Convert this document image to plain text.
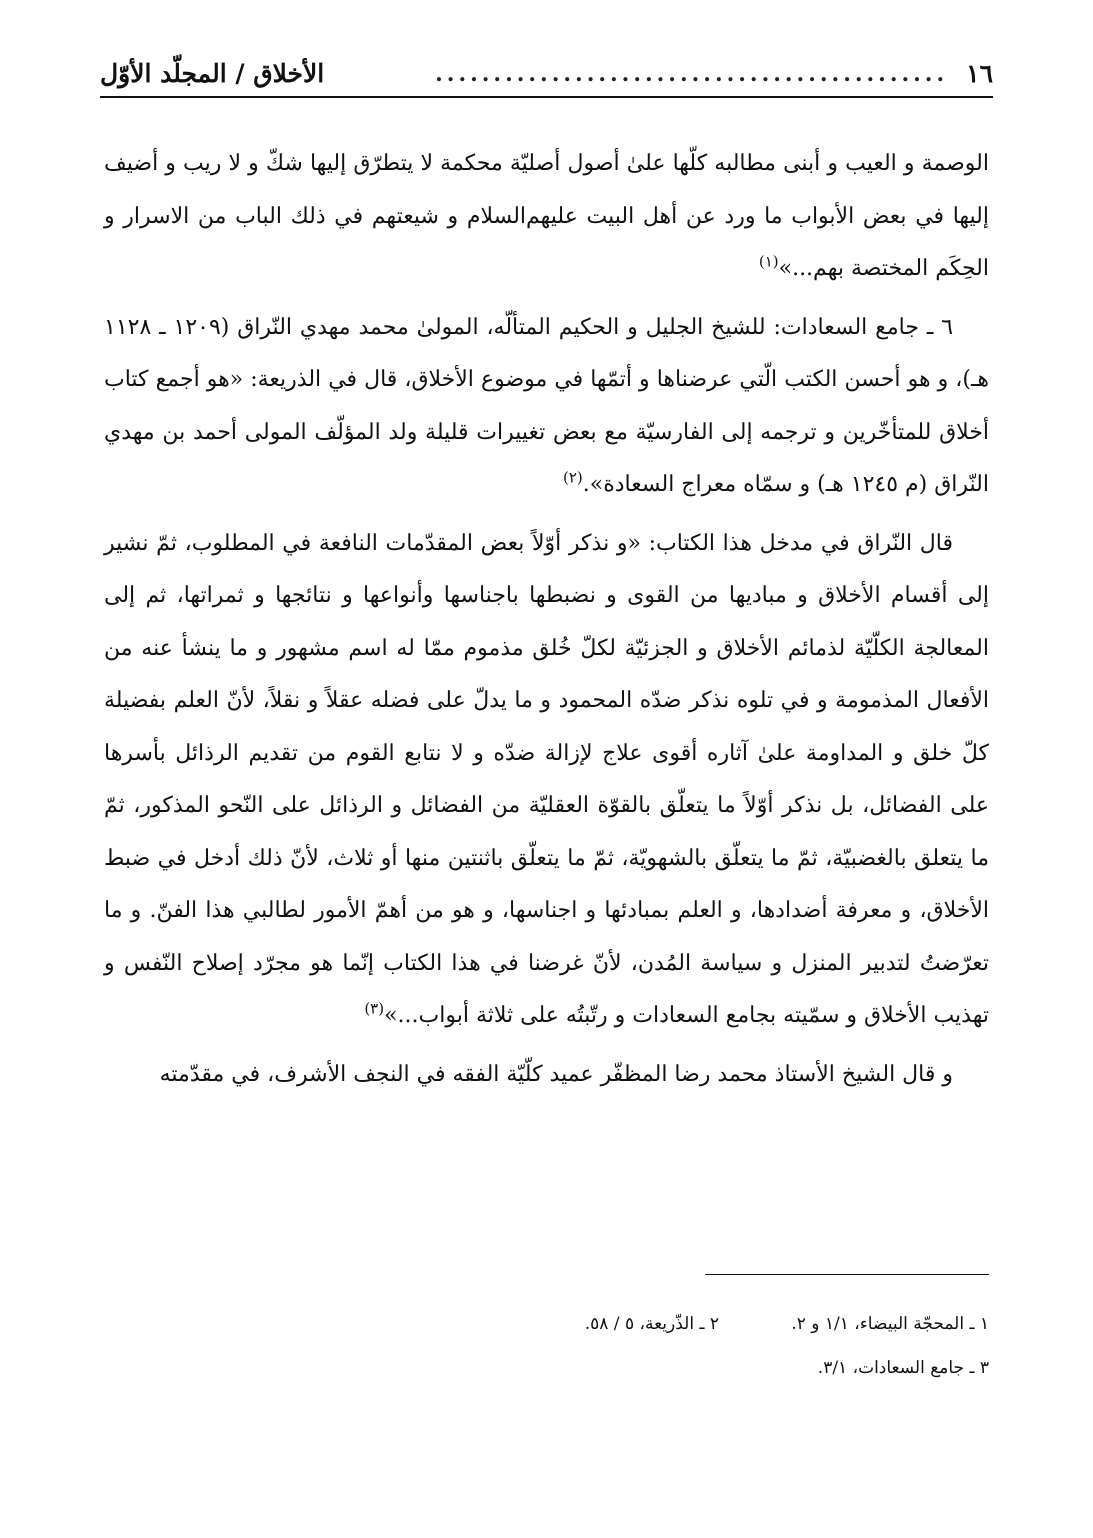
١٦
............................................
الأخلاق / المجلّد الأوّل

الوصمة و العيب و أبنى مطالبه كلّها علىٰ أصول أصليّة محكمة لا يتطرّق إليها شكّ و لا ريب و أضيف إليها في بعض الأبواب ما ورد عن أهل البيت عليهم‌السلام و شيعتهم في ذلك الباب من الاسرار و الحِكَم المختصة بهم...»$^{(١)}$

٦ ـ جامع السعادات: للشيخ الجليل و الحكيم المتألّه، المولىٰ محمد مهدي النّراق (١٢٠٩ ـ ١١٢٨ هـ)، و هو أحسن الكتب الّتي عرضناها و أتمّها في موضوع الأخلاق، قال في الذريعة: «هو أجمع كتاب أخلاق للمتأخّرين و ترجمه إلى الفارسيّة مع بعض تغييرات قليلة ولد المؤلّف المولى أحمد بن مهدي النّراق (م ١٢٤٥ هـ) و سمّاه معراج السعادة».$^{(٢)}$

قال النّراق في مدخل هذا الكتاب: «و نذكر أوّلاً بعض المقدّمات النافعة في المطلوب، ثمّ نشير إلى أقسام الأخلاق و مباديها من القوى و نضبطها باجناسها وأنواعها و نتائجها و ثمراتها، ثم إلى المعالجة الكلّيّة لذمائم الأخلاق و الجزئيّة لكلّ خُلق مذموم ممّا له اسم مشهور و ما ينشأ عنه من الأفعال المذمومة و في تلوه نذكر ضدّه المحمود و ما يدلّ على فضله عقلاً و نقلاً، لأنّ العلم بفضيلة كلّ خلق و المداومة علىٰ آثاره أقوى علاج لإزالة ضدّه و لا نتابع القوم من تقديم الرذائل بأسرها على الفضائل، بل نذكر أوّلاً ما يتعلّق بالقوّة العقليّة من الفضائل و الرذائل على النّحو المذكور، ثمّ ما يتعلق بالغضبيّة، ثمّ ما يتعلّق بالشهويّة، ثمّ ما يتعلّق باثنتين منها أو ثلاث، لأنّ ذلك أدخل في ضبط الأخلاق، و معرفة أضدادها، و العلم بمبادئها و اجناسها، و هو من أهمّ الأمور لطالبي هذا الفنّ. و ما تعرّضتُ لتدبير المنزل و سياسة المُدن، لأنّ غرضنا في هذا الكتاب إنّما هو مجرّد إصلاح النّفس و تهذيب الأخلاق و سمّيته بجامع السعادات و رتّبتُه على ثلاثة أبواب...»$^{(٣)}$

و قال الشيخ الأستاذ محمد رضا المظفّر عميد كلّيّة الفقه في النجف الأشرف، في مقدّمته

١ ـ المحجّة البيضاء، ١/١ و ٢.
٢ ـ الذّريعة، ٥ / ٥٨.
٣ ـ جامع السعادات، ٣/١.
